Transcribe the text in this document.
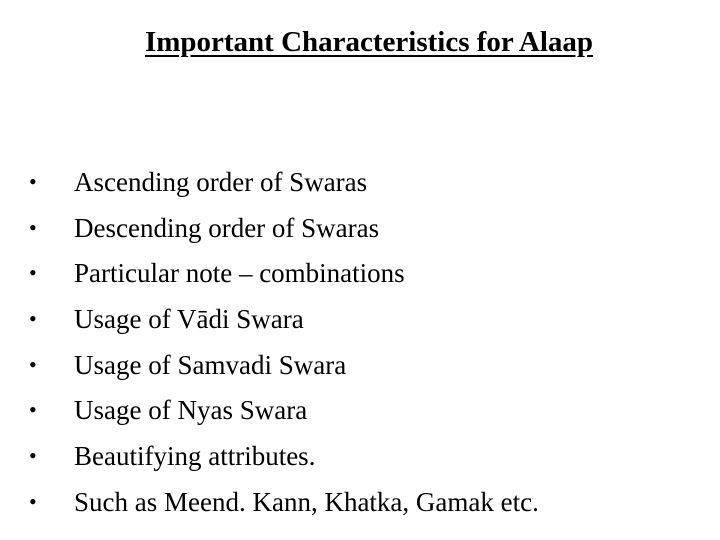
Important Characteristics for Alaap
• Ascending order of Swaras
• Descending order of Swaras
• Particular note – combinations
• Usage of Vādi Swara
• Usage of Samvadi Swara
• Usage of Nyas Swara
• Beautifying attributes.
• Such as Meend. Kann, Khatka, Gamak etc.
